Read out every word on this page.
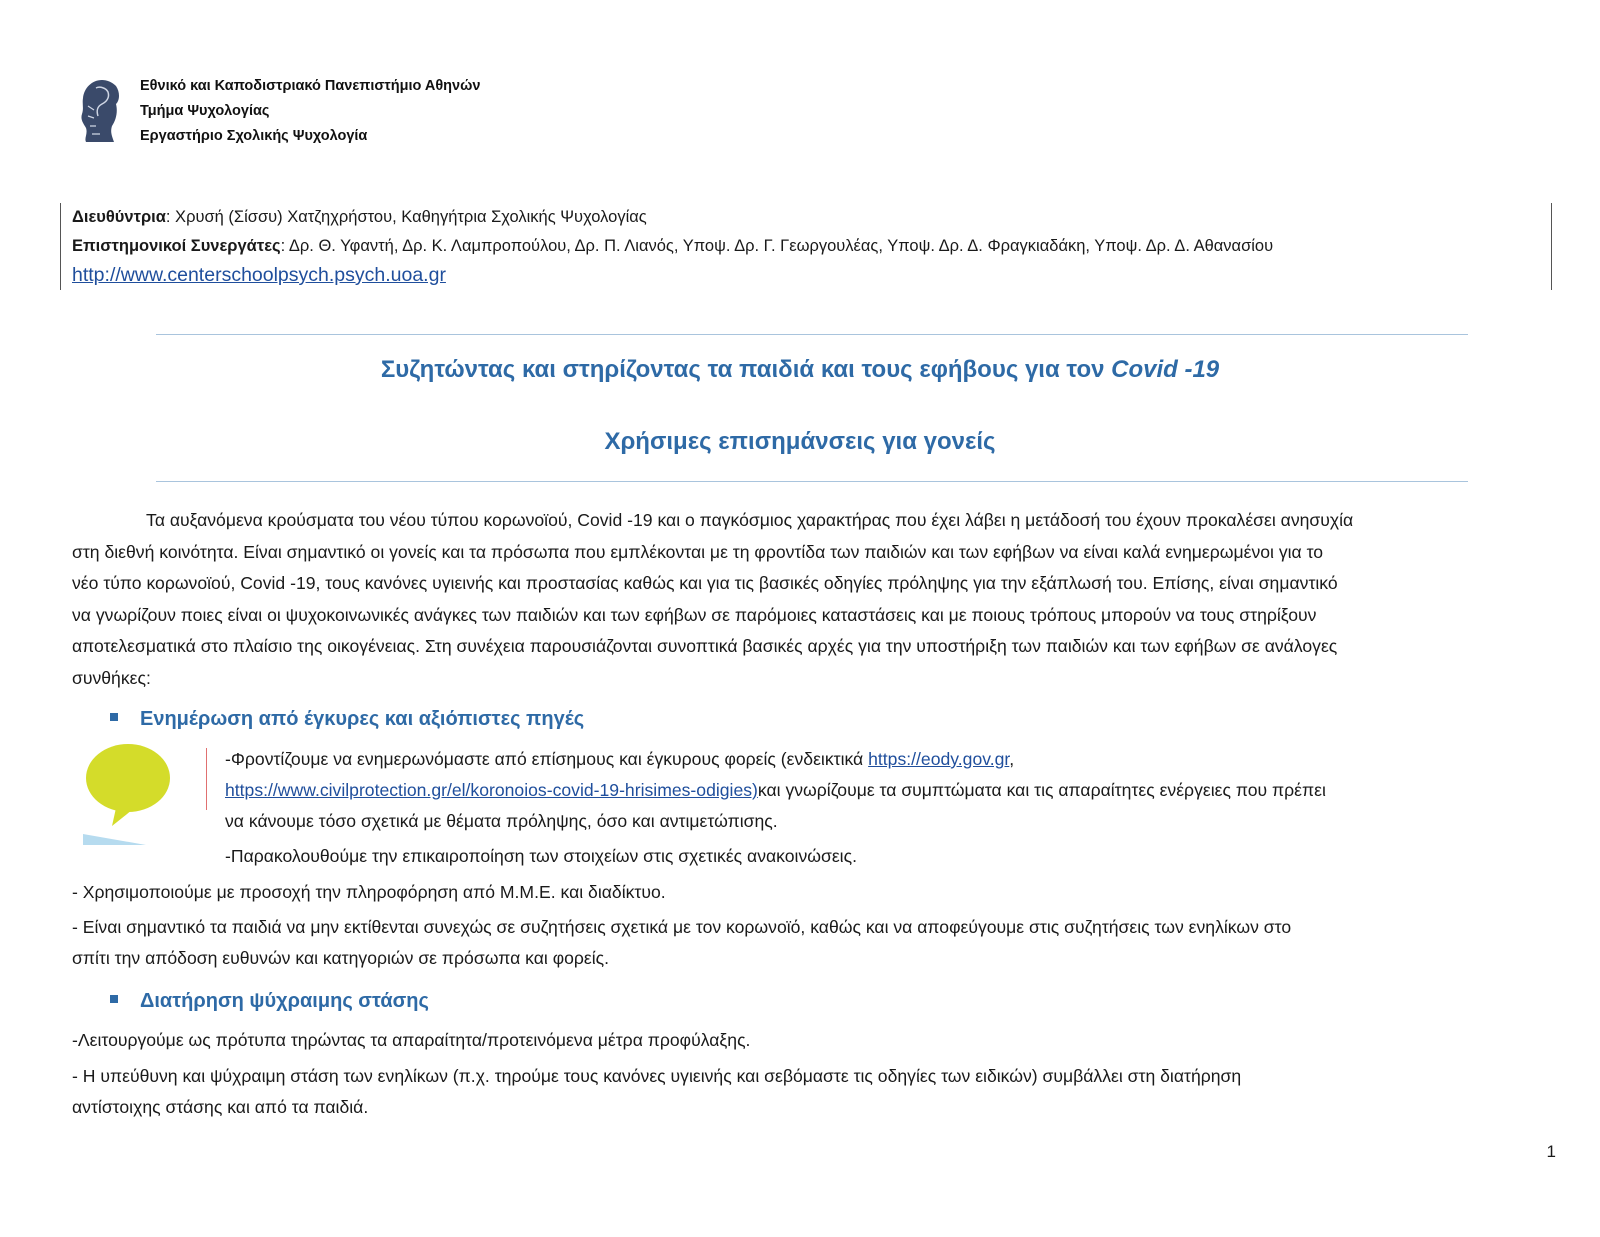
Εθνικό και Καποδιστριακό Πανεπιστήμιο Αθηνών
Τμήμα Ψυχολογίας
Εργαστήριο Σχολικής Ψυχολογία
Διευθύντρια: Χρυσή (Σίσσυ) Χατζηχρήστου, Καθηγήτρια Σχολικής Ψυχολογίας
Επιστημονικοί Συνεργάτες: Δρ. Θ. Υφαντή, Δρ. Κ. Λαμπροπούλου, Δρ. Π. Λιανός, Υποψ. Δρ. Γ. Γεωργουλέας, Υποψ. Δρ. Δ. Φραγκιαδάκη, Υποψ. Δρ. Δ. Αθανασίου
http://www.centerschoolpsych.psych.uoa.gr
Συζητώντας και στηρίζοντας τα παιδιά και τους εφήβους για τον Covid -19
Χρήσιμες επισημάνσεις για γονείς
Τα αυξανόμενα κρούσματα του νέου τύπου κορωνοϊού, Covid -19 και ο παγκόσμιος χαρακτήρας που έχει λάβει η μετάδοσή του έχουν προκαλέσει ανησυχία
στη διεθνή κοινότητα. Είναι σημαντικό οι γονείς και τα πρόσωπα που εμπλέκονται με τη φροντίδα των παιδιών και των εφήβων να είναι καλά ενημερωμένοι για το
νέο τύπο κορωνοϊού, Covid -19, τους κανόνες υγιεινής και προστασίας καθώς και για τις βασικές οδηγίες πρόληψης για την εξάπλωσή του. Επίσης, είναι σημαντικό
να γνωρίζουν ποιες είναι οι ψυχοκοινωνικές ανάγκες των παιδιών και των εφήβων σε παρόμοιες καταστάσεις και με ποιους τρόπους μπορούν να τους στηρίξουν
αποτελεσματικά στο πλαίσιο της οικογένειας. Στη συνέχεια παρουσιάζονται συνοπτικά βασικές αρχές για την υποστήριξη των παιδιών και των εφήβων σε ανάλογες
συνθήκες:
Ενημέρωση από έγκυρες και αξιόπιστες πηγές
-Φροντίζουμε να ενημερωνόμαστε από επίσημους και έγκυρους φορείς (ενδεικτικά https://eody.gov.gr,
https://www.civilprotection.gr/el/koronoios-covid-19-hrisimes-odigies)και γνωρίζουμε τα συμπτώματα και τις απαραίτητες ενέργειες που πρέπει
να κάνουμε τόσο σχετικά με θέματα πρόληψης, όσο και αντιμετώπισης.
-Παρακολουθούμε την επικαιροποίηση των στοιχείων στις σχετικές ανακοινώσεις.
- Χρησιμοποιούμε με προσοχή την πληροφόρηση από Μ.Μ.Ε. και διαδίκτυο.
- Είναι σημαντικό τα παιδιά να μην εκτίθενται συνεχώς σε συζητήσεις σχετικά με τον κορωνοϊό, καθώς και να αποφεύγουμε στις συζητήσεις των ενηλίκων στο
σπίτι την απόδοση ευθυνών και κατηγοριών σε πρόσωπα και φορείς.
Διατήρηση ψύχραιμης στάσης
-Λειτουργούμε ως πρότυπα τηρώντας τα απαραίτητα/προτεινόμενα μέτρα προφύλαξης.
- Η υπεύθυνη και ψύχραιμη στάση των ενηλίκων (π.χ. τηρούμε τους κανόνες υγιεινής και σεβόμαστε τις οδηγίες των ειδικών) συμβάλλει στη διατήρηση
αντίστοιχης στάσης και από τα παιδιά.
1
